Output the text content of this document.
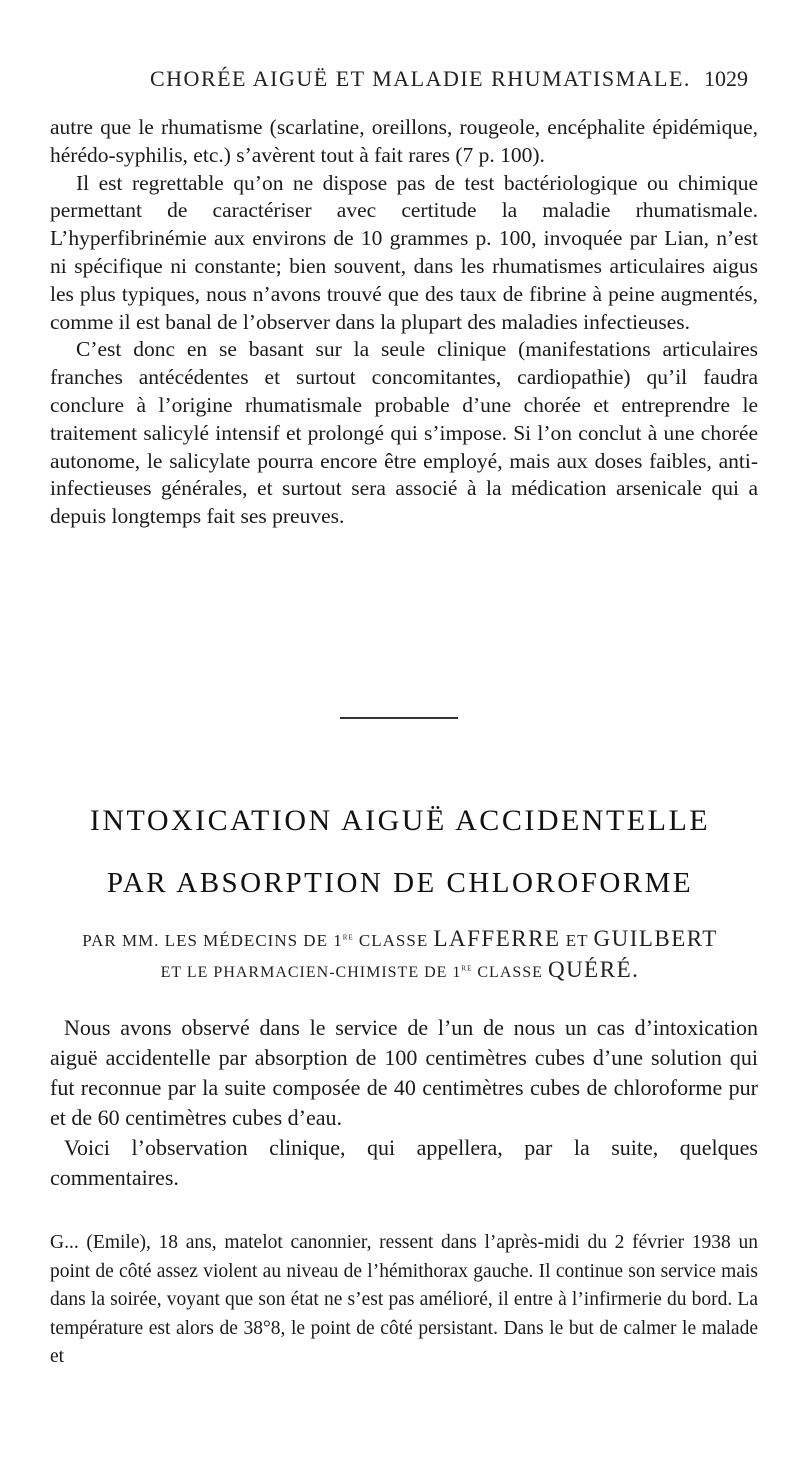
CHORÉE AIGUË ET MALADIE RHUMATISMALE. 1029

autre que le rhumatisme (scarlatine, oreillons, rougeole, encéphalite épidémique, hérédo-syphilis, etc.) s’avèrent tout à fait rares (7 p. 100).

Il est regrettable qu’on ne dispose pas de test bactériologique ou chimique permettant de caractériser avec certitude la maladie rhumatismale. L’hyperfibrinémie aux environs de 10 grammes p. 100, invoquée par Lian, n’est ni spécifique ni constante; bien souvent, dans les rhumatismes articulaires aigus les plus typiques, nous n’avons trouvé que des taux de fibrine à peine augmentés, comme il est banal de l’observer dans la plupart des maladies infectieuses.

C’est donc en se basant sur la seule clinique (manifestations articulaires franches antécédentes et surtout concomitantes, cardiopathie) qu’il faudra conclure à l’origine rhumatismale probable d’une chorée et entreprendre le traitement salicylé intensif et prolongé qui s’impose. Si l’on conclut à une chorée autonome, le salicylate pourra encore être employé, mais aux doses faibles, anti-infectieuses générales, et surtout sera associé à la médication arsenicale qui a depuis longtemps fait ses preuves.

INTOXICATION AIGUË ACCIDENTELLE
PAR ABSORPTION DE CHLOROFORME
PAR MM. LES MÉDECINS DE 1re CLASSE LAFFERRE ET GUILBERT
ET LE PHARMACIEN-CHIMISTE DE 1re CLASSE QUÉRÉ.

Nous avons observé dans le service de l’un de nous un cas d’intoxication aiguë accidentelle par absorption de 100 centimètres cubes d’une solution qui fut reconnue par la suite composée de 40 centimètres cubes de chloroforme pur et de 60 centimètres cubes d’eau.

Voici l’observation clinique, qui appellera, par la suite, quelques commentaires.

G... (Emile), 18 ans, matelot canonnier, ressent dans l’après-midi du 2 février 1938 un point de côté assez violent au niveau de l’hémithorax gauche. Il continue son service mais dans la soirée, voyant que son état ne s’est pas amélioré, il entre à l’infirmerie du bord. La température est alors de 38°8, le point de côté persistant. Dans le but de calmer le malade et
